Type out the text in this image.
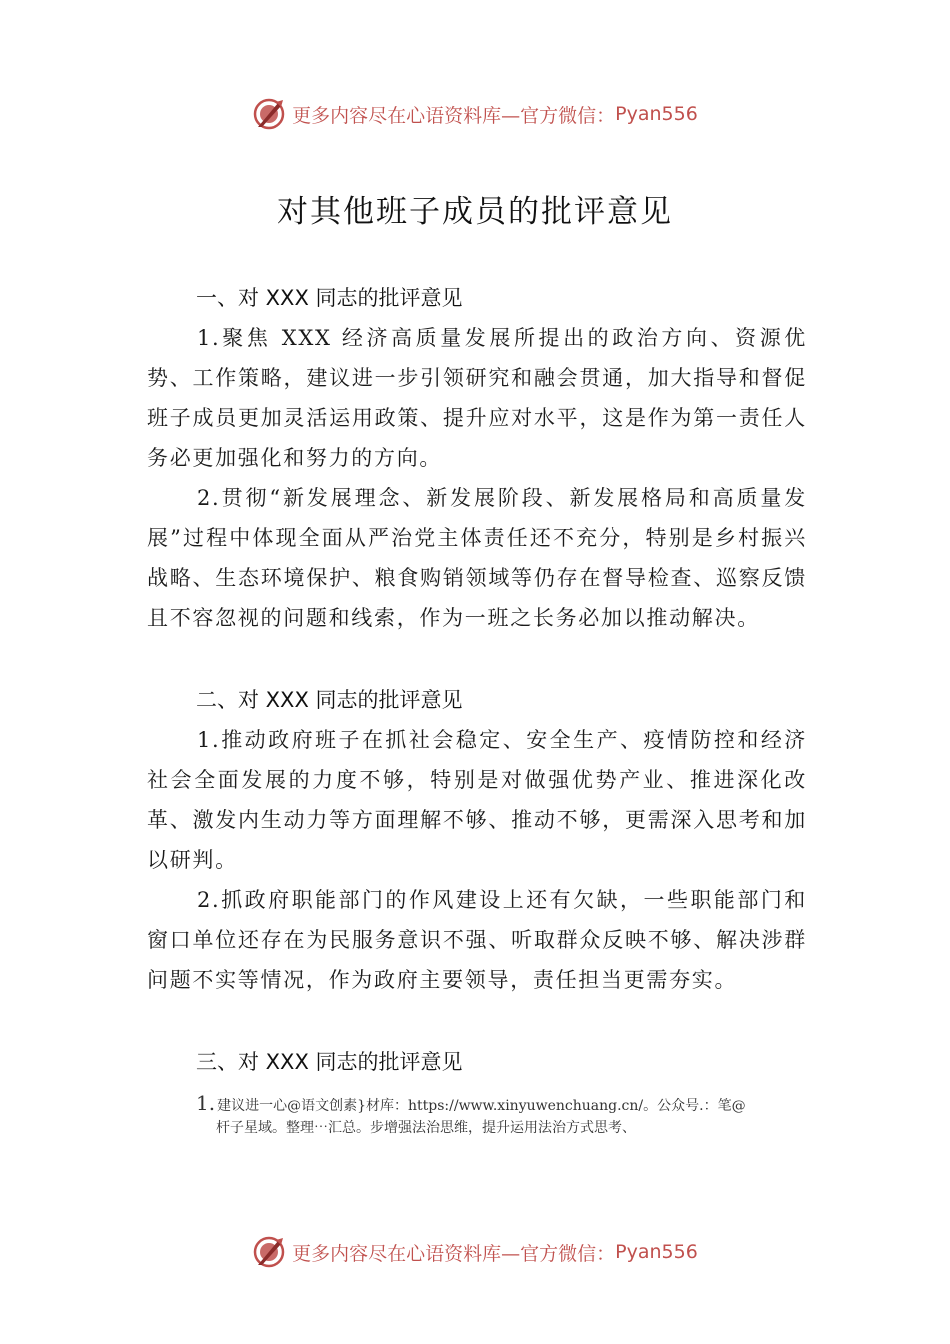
更多内容尽在心语资料库—官方微信： Pyan556
对其他班子成员的批评意见
一、对 XXX 同志的批评意见

1.聚焦 XXX 经济高质量发展所提出的政治方向、资源优势、工作策略，建议进一步引领研究和融会贯通，加大指导和督促班子成员更加灵活运用政策、提升应对水平，这是作为第一责任人务必更加强化和努力的方向。

2.贯彻“新发展理念、新发展阶段、新发展格局和高质量发展”过程中体现全面从严治党主体责任还不充分，特别是乡村振兴战略、生态环境保护、粮食购销领域等仍存在督导检查、巡察反馈且不容忽视的问题和线索，作为一班之长务必加以推动解决。

二、对 XXX 同志的批评意见

1.推动政府班子在抓社会稳定、安全生产、疫情防控和经济社会全面发展的力度不够，特别是对做强优势产业、推进深化改革、激发内生动力等方面理解不够、推动不够，更需深入思考和加以研判。

2.抓政府职能部门的作风建设上还有欠缺，一些职能部门和窗口单位还存在为民服务意识不强、听取群众反映不够、解决涉群问题不实等情况，作为政府主要领导，责任担当更需夯实。

三、对 XXX 同志的批评意见
1. 建议进一心@语文创素}材库：https://www.xinyuwenchuang.cn/。公众号.：笔@
杆子星域。整理⋯汇总。步增强法治思维，提升运用法治方式思考、
更多内容尽在心语资料库—官方微信： Pyan556
